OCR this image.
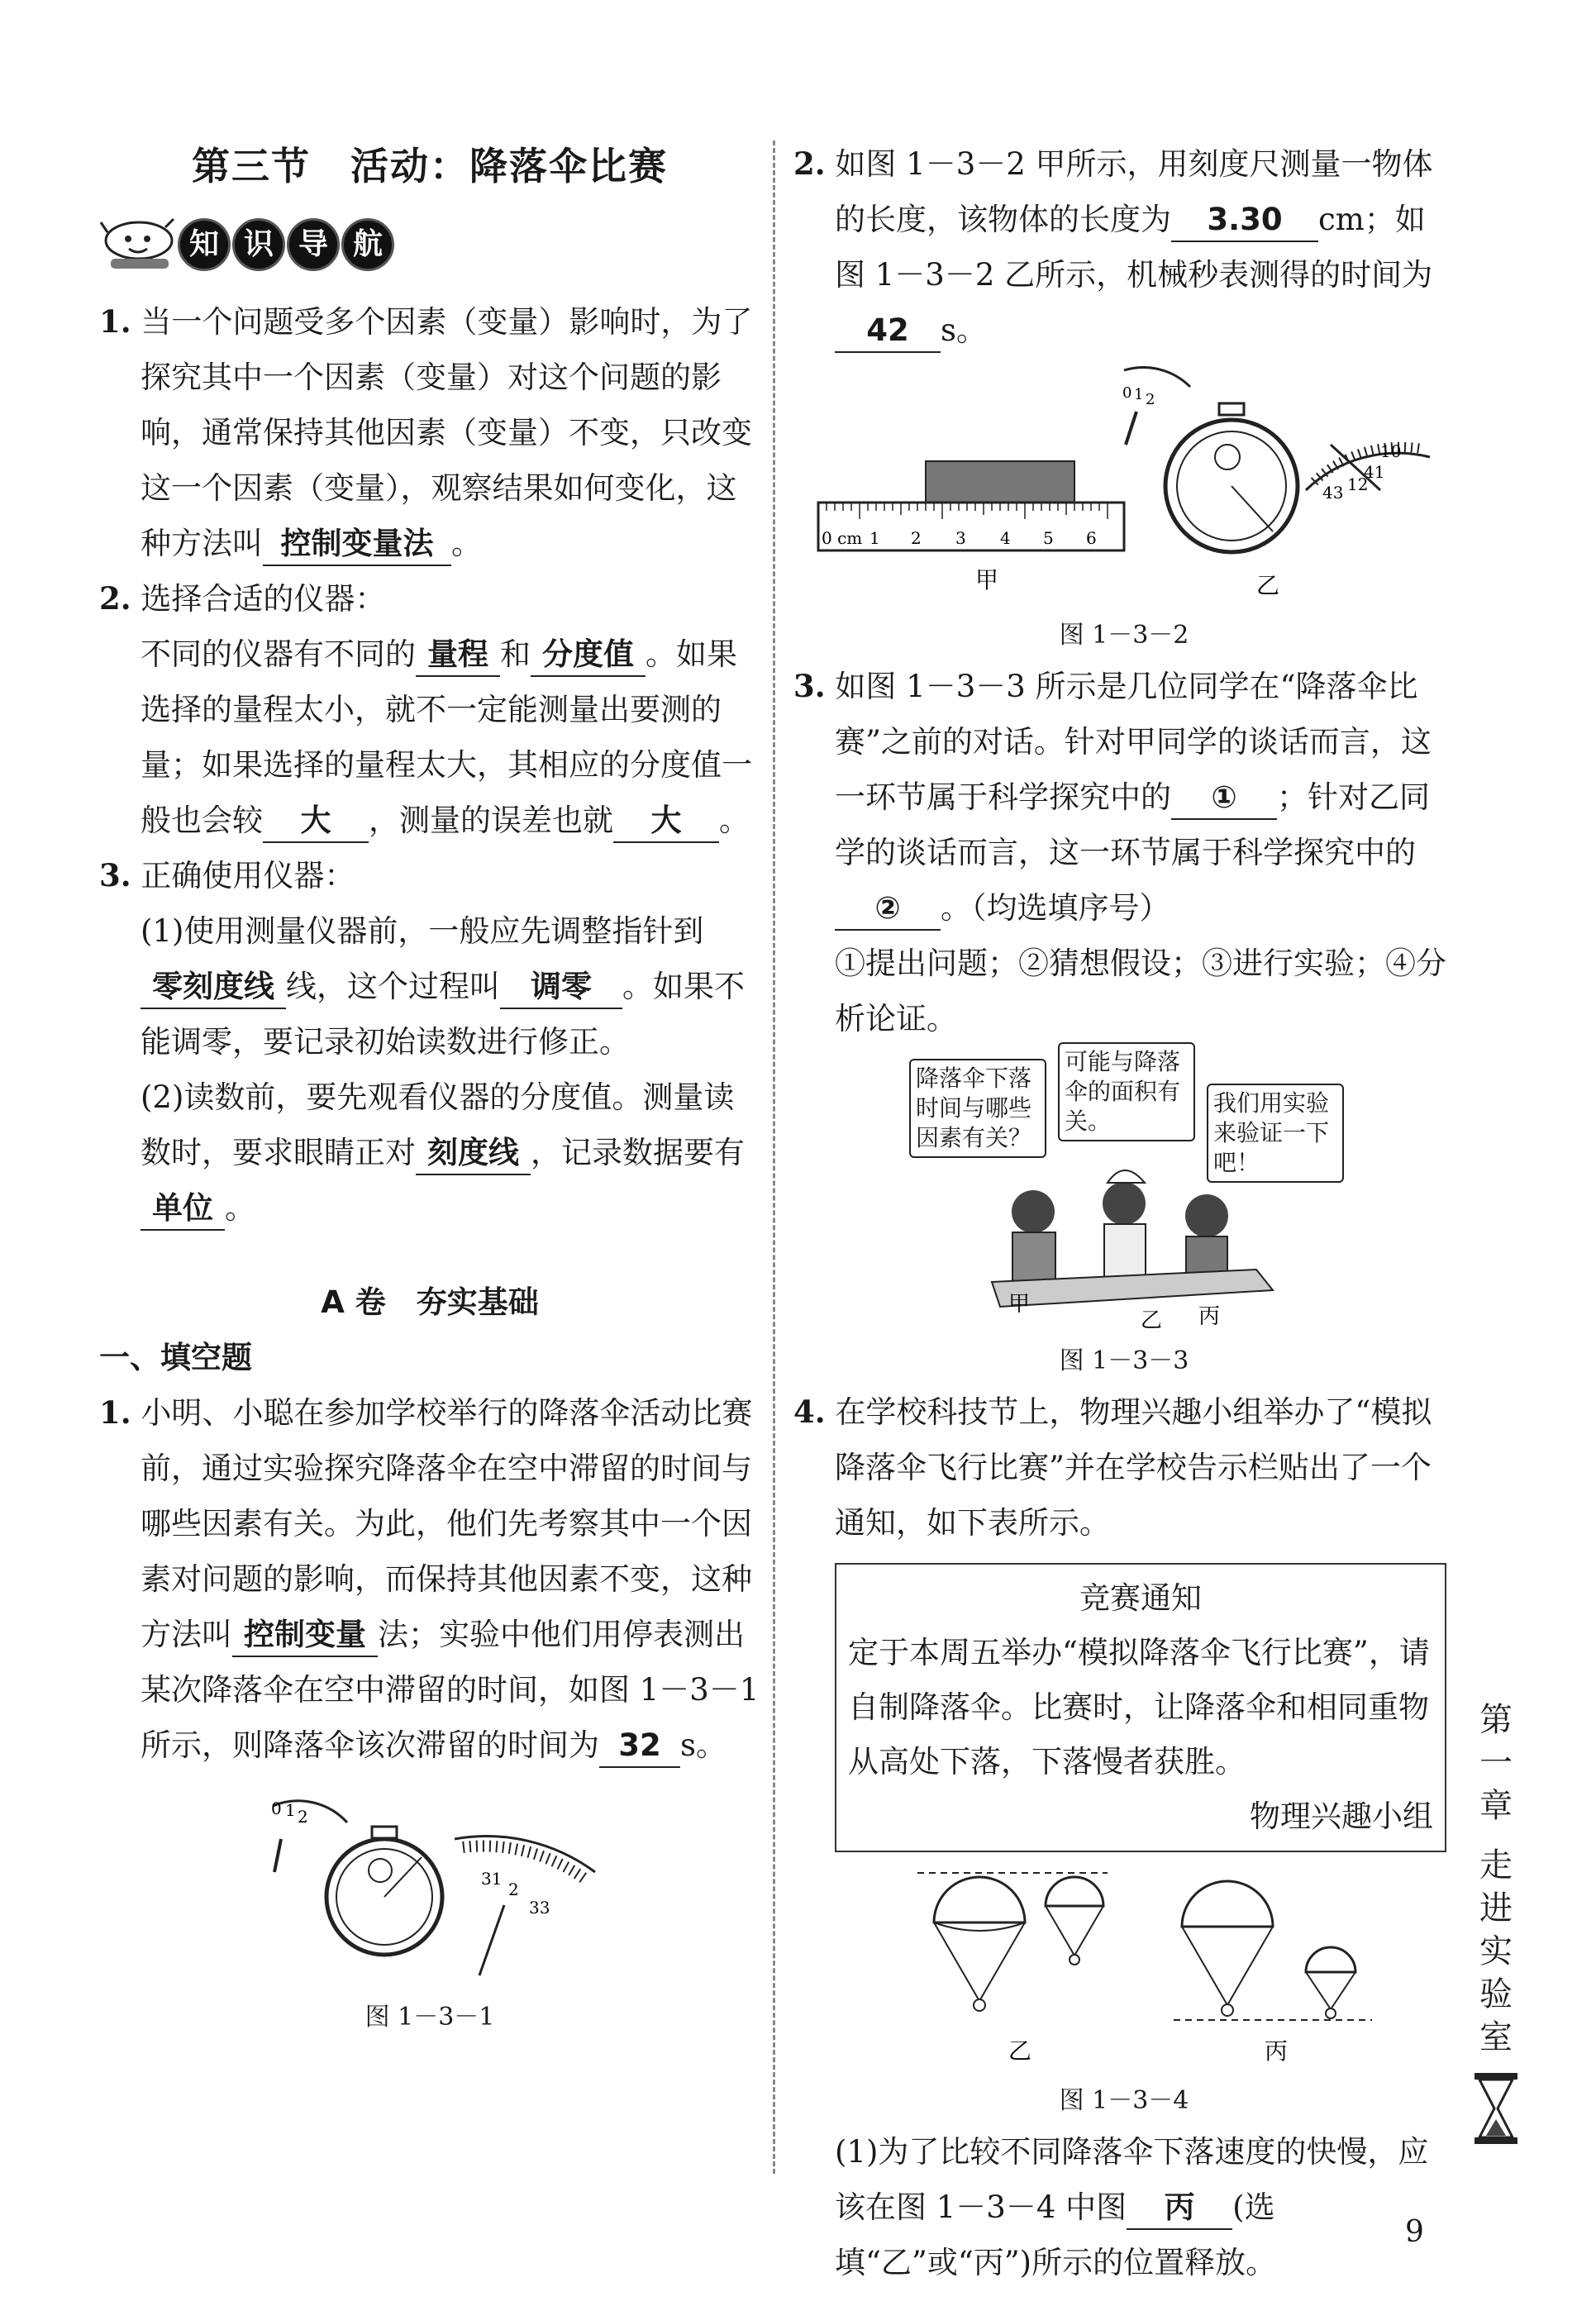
第三节　活动：降落伞比赛
知 识 导 航
1. 当一个问题受多个因素（变量）影响时，为了探究其中一个因素（变量）对这个问题的影响，通常保持其他因素（变量）不变，只改变这一个因素（变量），观察结果如何变化，这种方法叫 控制变量法 。
2. 选择合适的仪器：

不同的仪器有不同的 量程 和 分度值 。如果选择的量程太小，就不一定能测量出要测的量；如果选择的量程太大，其相应的分度值一般也会较 大 ，测量的误差也就 大 。

3. 正确使用仪器：

(1)使用测量仪器前，一般应先调整指针到零刻度线 线，这个过程叫 调零 。如果不能调零，要记录初始读数进行修正。

(2)读数前，要先观看仪器的分度值。测量读数时，要求眼睛正对 刻度线 ，记录数据要有单位 。

A 卷　夯实基础
一、填空题
1. 小明、小聪在参加学校举行的降落伞活动比赛前，通过实验探究降落伞在空中滞留的时间与哪些因素有关。为此，他们先考察其中一个因素对问题的影响，而保持其他因素不变，这种方法叫 控制变量 法；实验中他们用停表测出某次降落伞在空中滞留的时间，如图 1－3－1 所示，则降落伞该次滞留的时间为 32 s。
0 1 2
31
2
33
图 1－3－1
2. 如图 1－3－2 甲所示，用刻度尺测量一物体的长度，该物体的长度为 3.30 cm；如图 1－3－2 乙所示，机械秒表测得的时间为42 s。
0 cm 1 2 3 4 5 6
甲
0 1 2
10
41
43 12
乙
图 1－3－2
3. 如图 1－3－3 所示是几位同学在“降落伞比赛”之前的对话。针对甲同学的谈话而言，这一环节属于科学探究中的 ① ；针对乙同学的谈话而言，这一环节属于科学探究中的② 。（均选填序号）

①提出问题；②猜想假设；③进行实验；④分析论证。

降落伞下落时间与哪些因素有关？
可能与降落伞的面积有关。
我们用实验来验证一下吧！
甲
乙 丙
图 1－3－3
4. 在学校科技节上，物理兴趣小组举办了“模拟降落伞飞行比赛”并在学校告示栏贴出了一个通知，如下表所示。
竞赛通知
定于本周五举办“模拟降落伞飞行比赛”，请自制降落伞。比赛时，让降落伞和相同重物从高处下落，下落慢者获胜。
物理兴趣小组
乙	丙
图 1－3－4

(1)为了比较不同降落伞下落速度的快慢，应该在图 1－3－4 中图 丙 (选填“乙”或“丙”)所示的位置释放。

第
一
章
走
进
实
验
室
9
